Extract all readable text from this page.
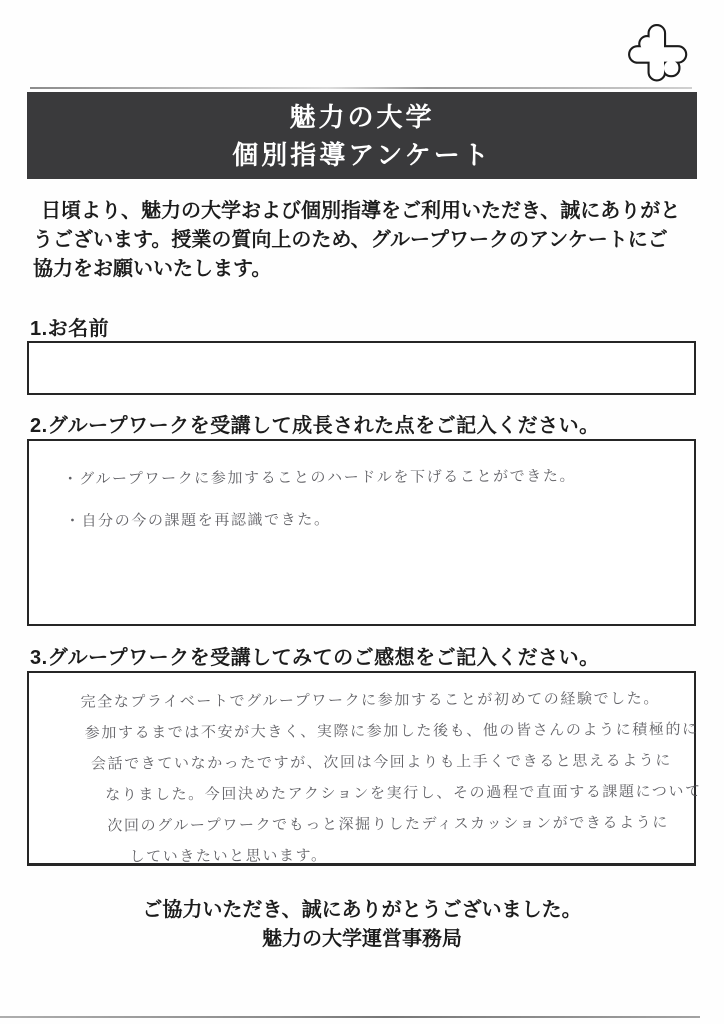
魅力の大学
個別指導アンケート
日頃より、魅力の大学および個別指導をご利用いただき、誠にありがと
うございます。授業の質向上のため、グループワークのアンケートにご
協力をお願いいたします。
1.お名前
2.グループワークを受講して成長された点をご記入ください。
・グループワークに参加することのハードルを下げることができた。
・自分の今の課題を再認識できた。
3.グループワークを受講してみてのご感想をご記入ください。
完全なプライベートでグループワークに参加することが初めての経験でした。
参加するまでは不安が大きく、実際に参加した後も、他の皆さんのように積極的に
会話できていなかったですが、次回は今回よりも上手くできると思えるように
なりました。今回決めたアクションを実行し、その過程で直面する課題について
次回のグループワークでもっと深掘りしたディスカッションができるように
していきたいと思います。
ご協力いただき、誠にありがとうございました。
魅力の大学運営事務局
